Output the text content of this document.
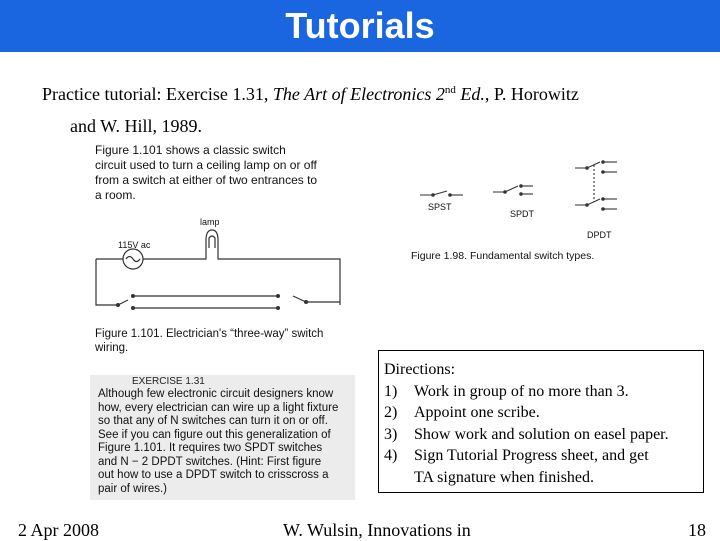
Tutorials
Practice tutorial: Exercise 1.31, The Art of Electronics 2nd Ed., P. Horowitz
and W. Hill, 1989.
Figure 1.101 shows a classic switch
circuit used to turn a ceiling lamp on or off
from a switch at either of two entrances to
a room.
lamp
115V ac
Figure 1.101. Electrician's “three-way” switch
wiring.
SPST
SPDT
DPDT
Figure 1.98. Fundamental switch types.
EXERCISE 1.31
Although few electronic circuit designers know
how, every electrician can wire up a light fixture
so that any of N switches can turn it on or off.
See if you can figure out this generalization of
Figure 1.101. It requires two SPDT switches
and N − 2 DPDT switches. (Hint: First figure
out how to use a DPDT switch to crisscross a
pair of wires.)
Directions:
1) Work in group of no more than 3.
2) Appoint one scribe.
3) Show work and solution on easel paper.
4) Sign Tutorial Progress sheet, and get
TA signature when finished.
2 Apr 2008	W. Wulsin, Innovations in	18
